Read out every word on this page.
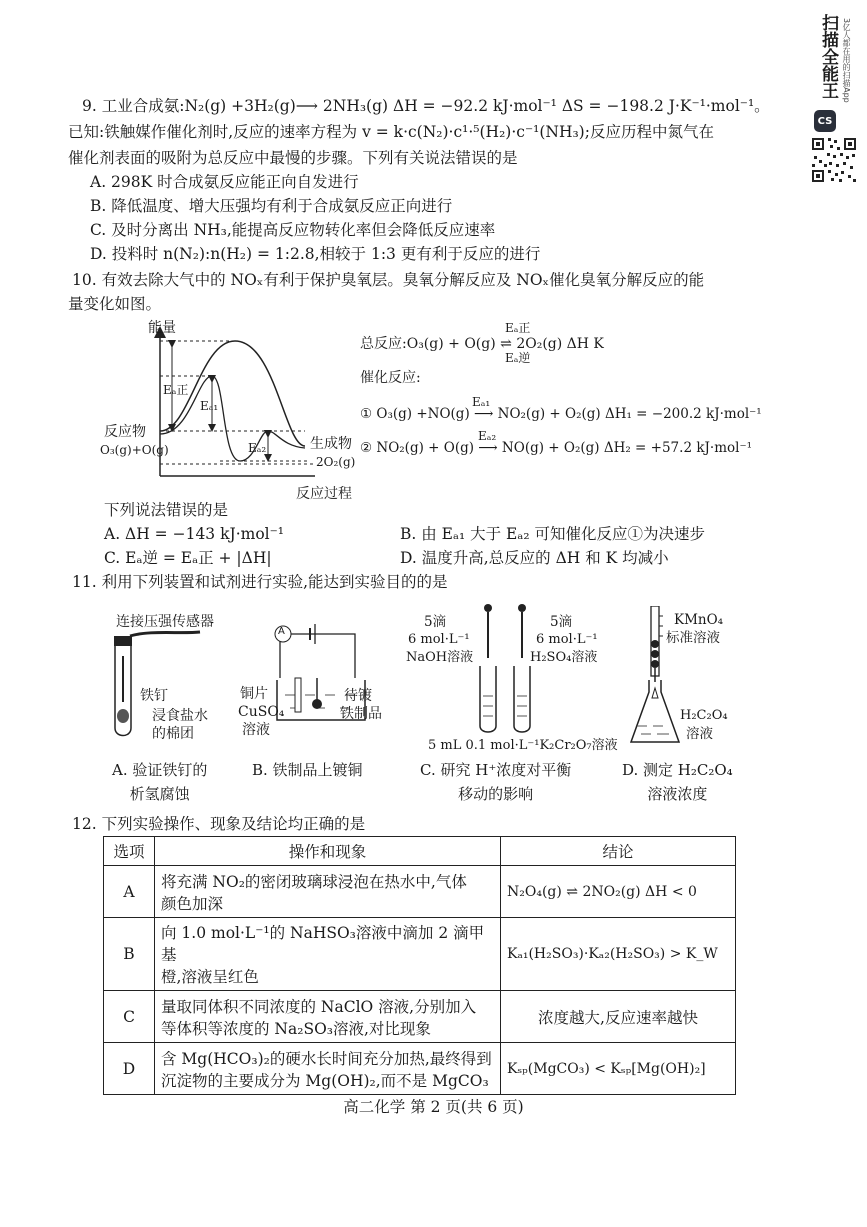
扫描全能王 3亿人都在用的扫描App
CS
9. 工业合成氨:N₂(g) +3H₂(g)⟶ 2NH₃(g) ΔH = −92.2 kJ·mol⁻¹ ΔS = −198.2 J·K⁻¹·mol⁻¹。
已知:铁触媒作催化剂时,反应的速率方程为 v = k·c(N₂)·c¹·⁵(H₂)·c⁻¹(NH₃);反应历程中氮气在
催化剂表面的吸附为总反应中最慢的步骤。下列有关说法错误的是
A. 298K 时合成氨反应能正向自发进行
B. 降低温度、增大压强均有利于合成氨反应正向进行
C. 及时分离出 NH₃,能提高反应物转化率但会降低反应速率
D. 投料时 n(N₂):n(H₂) = 1:2.8,相较于 1:3 更有利于反应的进行
10. 有效去除大气中的 NOₓ有利于保护臭氧层。臭氧分解反应及 NOₓ催化臭氧分解反应的能
量变化如图。
能量
反应过程
反应物
O₃(g)+O(g)	生成物
2O₂(g)
Eₐ正
Eₐ₁
Eₐ₂
Eₐ正
总反应:O₃(g) + O(g) ⇌ 2O₂(g) ΔH K
Eₐ逆
催化反应:
Eₐ₁
① O₃(g) +NO(g) ⟶ NO₂(g) + O₂(g) ΔH₁ = −200.2 kJ·mol⁻¹
Eₐ₂
② NO₂(g) + O(g) ⟶ NO(g) + O₂(g) ΔH₂ = +57.2 kJ·mol⁻¹
下列说法错误的是
A. ΔH = −143 kJ·mol⁻¹	B. 由 Eₐ₁ 大于 Eₐ₂ 可知催化反应①为决速步
C. Eₐ逆 = Eₐ正 + |ΔH|	D. 温度升高,总反应的 ΔH 和 K 均减小
11. 利用下列装置和试剂进行实验,能达到实验目的的是
连接压强传感器
铁钉
浸食盐水
的棉团
A
铜片
CuSO₄
溶液
待镀
铁制品
5滴
6 mol·L⁻¹
NaOH溶液
5滴
6 mol·L⁻¹
H₂SO₄溶液
5 mL 0.1 mol·L⁻¹K₂Cr₂O₇溶液
KMnO₄
标准溶液
H₂C₂O₄
溶液
A. 验证铁钉的
析氢腐蚀
B. 铁制品上镀铜	C. 研究 H⁺浓度对平衡
移动的影响
D. 测定 H₂C₂O₄
溶液浓度
12. 下列实验操作、现象及结论均正确的是
选项	操作和现象	结论
A	将充满 NO₂的密闭玻璃球浸泡在热水中,气体
颜色加深	N₂O₄(g) ⇌ 2NO₂(g) ΔH < 0
B	向 1.0 mol·L⁻¹的 NaHSO₃溶液中滴加 2 滴甲基
橙,溶液呈红色	Kₐ₁(H₂SO₃)·Kₐ₂(H₂SO₃) > K_W
C	量取同体积不同浓度的 NaClO 溶液,分别加入
等体积等浓度的 Na₂SO₃溶液,对比现象	浓度越大,反应速率越快
D	含 Mg(HCO₃)₂的硬水长时间充分加热,最终得到
沉淀物的主要成分为 Mg(OH)₂,而不是 MgCO₃	Kₛₚ(MgCO₃) < Kₛₚ[Mg(OH)₂]
高二化学 第 2 页(共 6 页)
